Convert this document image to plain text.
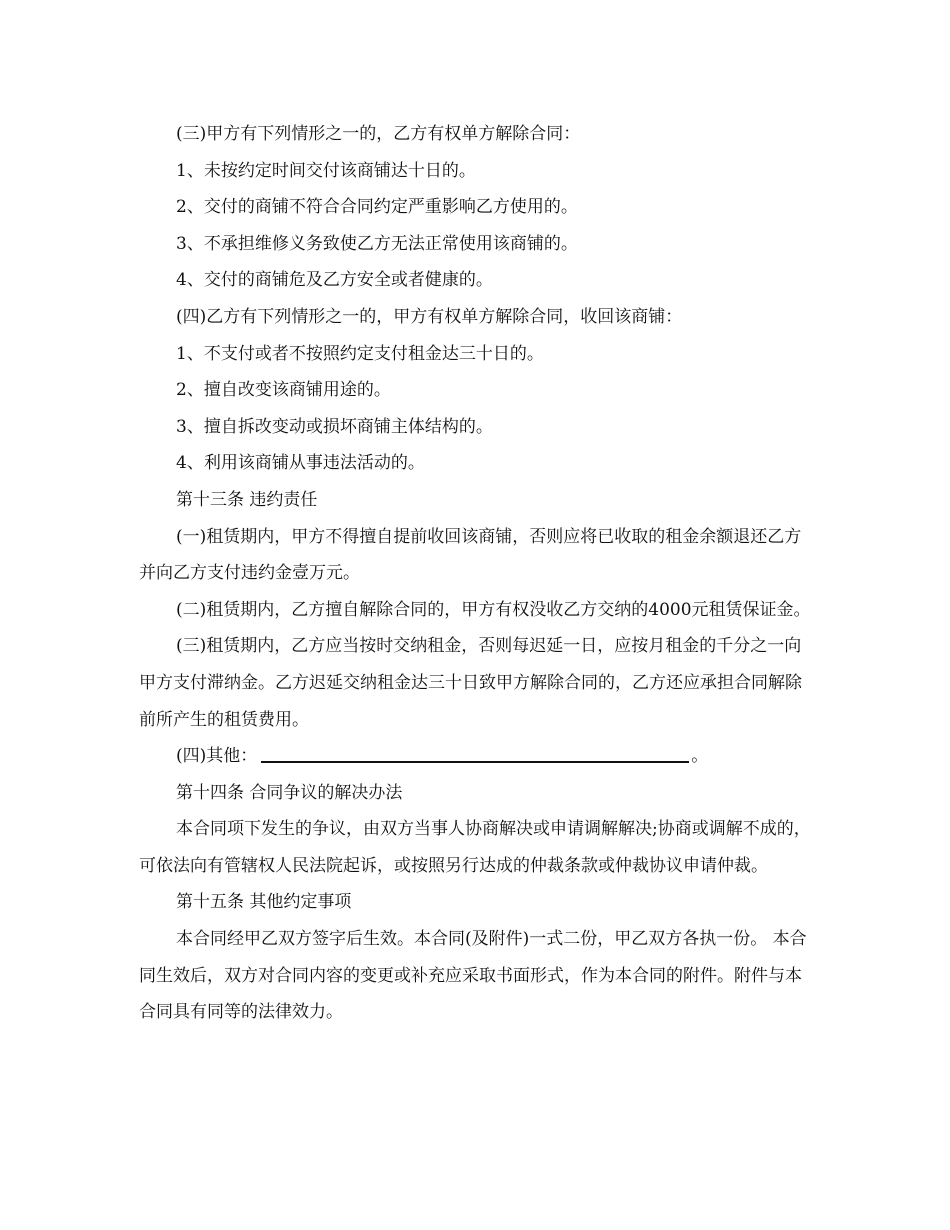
(三)甲方有下列情形之一的，乙方有权单方解除合同：

1、未按约定时间交付该商铺达十日的。

2、交付的商铺不符合合同约定严重影响乙方使用的。

3、不承担维修义务致使乙方无法正常使用该商铺的。

4、交付的商铺危及乙方安全或者健康的。

(四)乙方有下列情形之一的，甲方有权单方解除合同，收回该商铺：

1、不支付或者不按照约定支付租金达三十日的。

2、擅自改变该商铺用途的。

3、擅自拆改变动或损坏商铺主体结构的。

4、利用该商铺从事违法活动的。

第十三条 违约责任

(一)租赁期内，甲方不得擅自提前收回该商铺，否则应将已收取的租金余额退还乙方并向乙方支付违约金壹万元。

(二)租赁期内，乙方擅自解除合同的，甲方有权没收乙方交纳的4000元租赁保证金。

(三)租赁期内，乙方应当按时交纳租金，否则每迟延一日，应按月租金的千分之一向甲方支付滞纳金。乙方迟延交纳租金达三十日致甲方解除合同的，乙方还应承担合同解除前所产生的租赁费用。

(四)其他：	。

第十四条 合同争议的解决办法

本合同项下发生的争议，由双方当事人协商解决或申请调解解决;协商或调解不成的，可依法向有管辖权人民法院起诉，或按照另行达成的仲裁条款或仲裁协议申请仲裁。

第十五条 其他约定事项

本合同经甲乙双方签字后生效。本合同(及附件)一式二份，甲乙双方各执一份。 本合同生效后，双方对合同内容的变更或补充应采取书面形式，作为本合同的附件。附件与本合同具有同等的法律效力。
